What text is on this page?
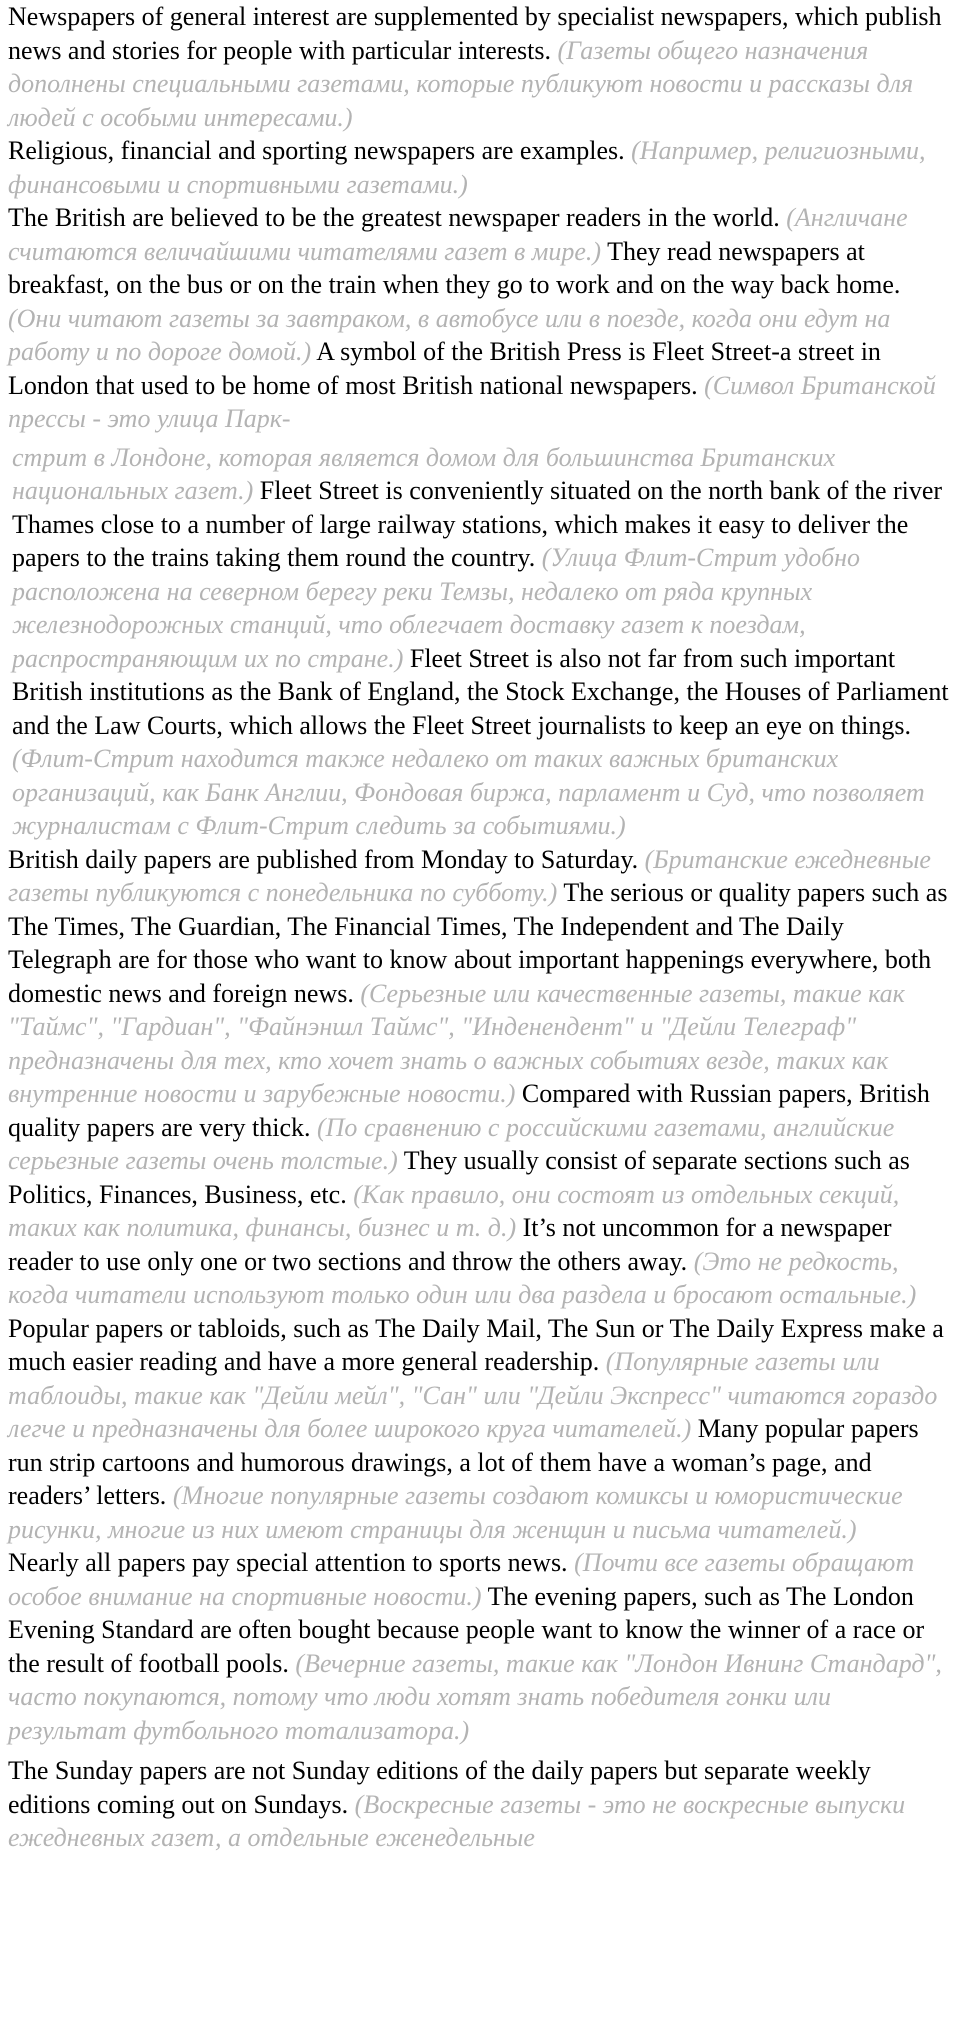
Newspapers of general interest are supplemented by specialist newspapers, which publish news and stories for people with particular interests. (Газеты общего назначения дополнены специальными газетами, которые публикуют новости и рассказы для людей с особыми интересами.)

Religious, financial and sporting newspapers are examples. (Например, религиозными, финансовыми и спортивными газетами.)

The British are believed to be the greatest newspaper readers in the world. (Англичане считаются величайшими читателями газет в мире.) They read newspapers at breakfast, on the bus or on the train when they go to work and on the way back home. (Они читают газеты за завтраком, в автобусе или в поезде, когда они едут на работу и по дороге домой.) A symbol of the British Press is Fleet Street-a street in London that used to be home of most British national newspapers. (Символ Британской прессы - это улица Парк-

стрит в Лондоне, которая является домом для большинства Британских национальных газет.) Fleet Street is conveniently situated on the north bank of the river Thames close to a number of large railway stations, which makes it easy to deliver the papers to the trains taking them round the country. (Улица Флит-Стрит удобно расположена на северном берегу реки Темзы, недалеко от ряда крупных железнодорожных станций, что облегчает доставку газет к поездам, распространяющим их по стране.) Fleet Street is also not far from such important British institutions as the Bank of England, the Stock Exchange, the Houses of Parliament and the Law Courts, which allows the Fleet Street journalists to keep an eye on things. (Флит-Стрит находится также недалеко от таких важных британских организаций, как Банк Англии, Фондовая биржа, парламент и Суд, что позволяет журналистам с Флит-Стрит следить за событиями.)

British daily papers are published from Monday to Saturday. (Британские ежедневные газеты публикуются с понедельника по субботу.) The serious or quality papers such as The Times, The Guardian, The Financial Times, The Independent and The Daily Telegraph are for those who want to know about important happenings everywhere, both domestic news and foreign news. (Серьезные или качественные газеты, такие как "Таймс", "Гардиан", "Файнэншл Таймс", "Инденендент" и "Дейли Телеграф" предназначены для тех, кто хочет знать о важных событиях везде, таких как внутренние новости и зарубежные новости.) Compared with Russian papers, British quality papers are very thick. (По сравнению с российскими газетами, английские серьезные газеты очень толстые.) They usually consist of separate sections such as Politics, Finances, Business, etc. (Как правило, они состоят из отдельных секций, таких как политика, финансы, бизнес и т. д.) It’s not uncommon for a newspaper reader to use only one or two sections and throw the others away. (Это не редкость, когда читатели используют только один или два раздела и бросают остальные.)

Popular papers or tabloids, such as The Daily Mail, The Sun or The Daily Express make a much easier reading and have a more general readership. (Популярные газеты или таблоиды, такие как "Дейли мейл", "Сан" или "Дейли Экспресс" читаются гораздо легче и предназначены для более широкого круга читателей.) Many popular papers run strip cartoons and humorous drawings, a lot of them have a woman’s page, and readers’ letters. (Многие популярные газеты создают комиксы и юмористические рисунки, многие из них имеют страницы для женщин и письма читателей.)

Nearly all papers pay special attention to sports news. (Почти все газеты обращают особое внимание на спортивные новости.) The evening papers, such as The London Evening Standard are often bought because people want to know the winner of a race or the result of football pools. (Вечерние газеты, такие как "Лондон Ивнинг Стандард", часто покупаются, потому что люди хотят знать победителя гонки или результат футбольного тотализатора.)

The Sunday papers are not Sunday editions of the daily papers but separate weekly editions coming out on Sundays. (Воскресные газеты - это не воскресные выпуски ежедневных газет, а отдельные еженедельные
